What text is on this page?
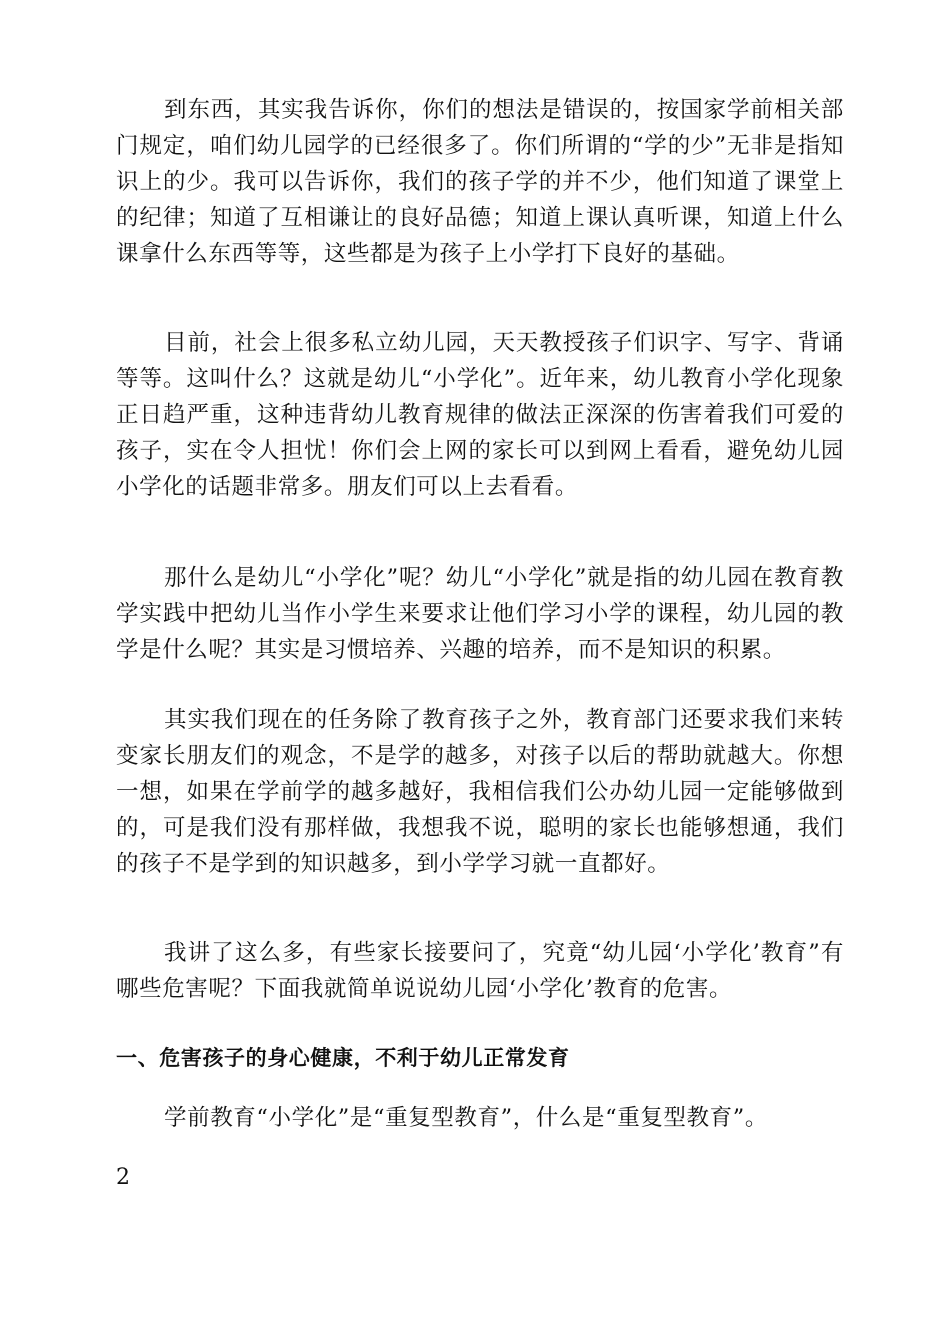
到东西，其实我告诉你，你们的想法是错误的，按国家学前相关部门规定，咱们幼儿园学的已经很多了。你们所谓的“学的少”无非是指知识上的少。我可以告诉你，我们的孩子学的并不少，他们知道了课堂上的纪律；知道了互相谦让的良好品德；知道上课认真听课，知道上什么课拿什么东西等等，这些都是为孩子上小学打下良好的基础。

目前，社会上很多私立幼儿园，天天教授孩子们识字、写字、背诵等等。这叫什么？这就是幼儿“小学化”。近年来，幼儿教育小学化现象正日趋严重，这种违背幼儿教育规律的做法正深深的伤害着我们可爱的孩子，实在令人担忧！你们会上网的家长可以到网上看看，避免幼儿园小学化的话题非常多。朋友们可以上去看看。

那什么是幼儿“小学化”呢？幼儿“小学化”就是指的幼儿园在教育教学实践中把幼儿当作小学生来要求让他们学习小学的课程，幼儿园的教学是什么呢？其实是习惯培养、兴趣的培养，而不是知识的积累。

其实我们现在的任务除了教育孩子之外，教育部门还要求我们来转变家长朋友们的观念，不是学的越多，对孩子以后的帮助就越大。你想一想，如果在学前学的越多越好，我相信我们公办幼儿园一定能够做到的，可是我们没有那样做，我想我不说，聪明的家长也能够想通，我们的孩子不是学到的知识越多，到小学学习就一直都好。

我讲了这么多，有些家长接要问了，究竟“幼儿园‘小学化’教育”有哪些危害呢？下面我就简单说说幼儿园‘小学化’教育的危害。

一、危害孩子的身心健康，不利于幼儿正常发育

学前教育“小学化”是“重复型教育”，什么是“重复型教育”。

2
